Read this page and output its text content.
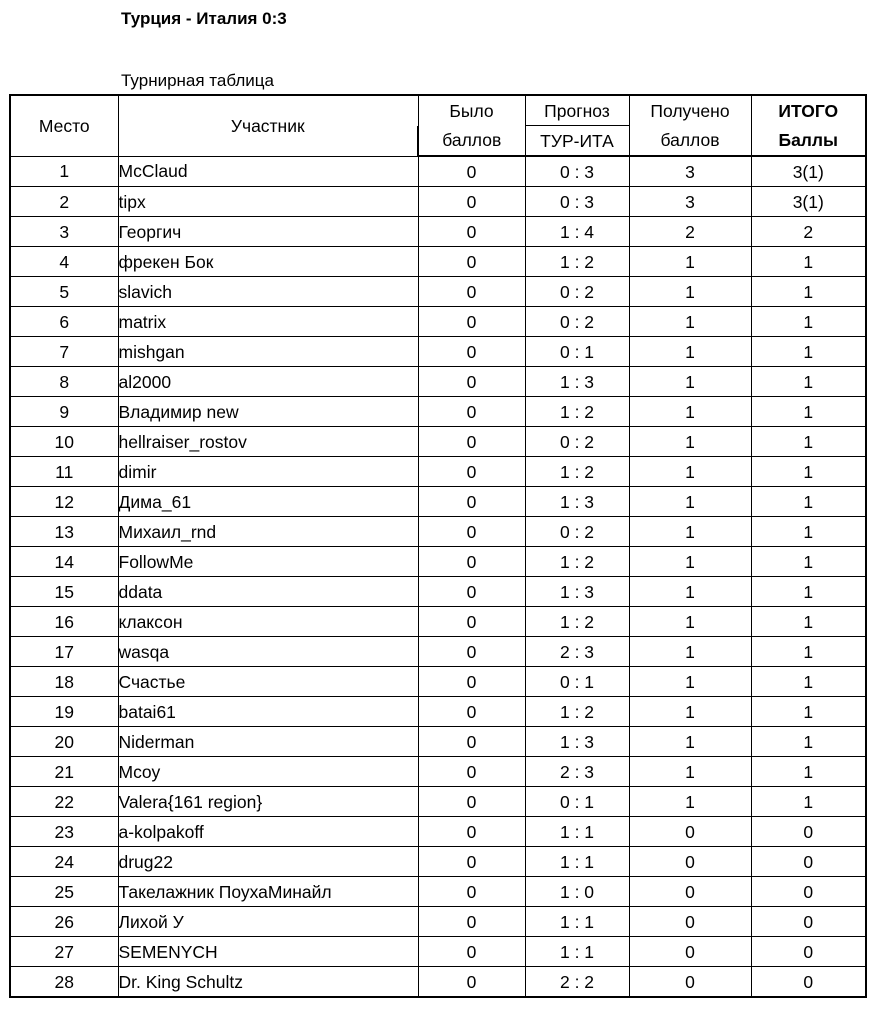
Турция - Италия 0:3
Турнирная таблица
Место	Участник	Было	Прогноз	Получено	ИТОГО
		баллов	ТУР-ИТА	баллов	Баллы
1	McClaud	0	0 : 3	3	3(1)
2	tipx	0	0 : 3	3	3(1)
3	Георгич	0	1 : 4	2	2
4	фрекен Бок	0	1 : 2	1	1
5	slavich	0	0 : 2	1	1
6	matrix	0	0 : 2	1	1
7	mishgan	0	0 : 1	1	1
8	al2000	0	1 : 3	1	1
9	Владимир new	0	1 : 2	1	1
10	hellraiser_rostov	0	0 : 2	1	1
11	dimir	0	1 : 2	1	1
12	Дима_61	0	1 : 3	1	1
13	Михаил_rnd	0	0 : 2	1	1
14	FollowMe	0	1 : 2	1	1
15	ddata	0	1 : 3	1	1
16	клаксон	0	1 : 2	1	1
17	wasqa	0	2 : 3	1	1
18	Счастье	0	0 : 1	1	1
19	batai61	0	1 : 2	1	1
20	Niderman	0	1 : 3	1	1
21	Mcoy	0	2 : 3	1	1
22	Valera{161 region}	0	0 : 1	1	1
23	a-kolpakoff	0	1 : 1	0	0
24	drug22	0	1 : 1	0	0
25	Такелажник ПоухаМинайл	0	1 : 0	0	0
26	Лихой У	0	1 : 1	0	0
27	SEMENYCH	0	1 : 1	0	0
28	Dr. King Schultz	0	2 : 2	0	0
